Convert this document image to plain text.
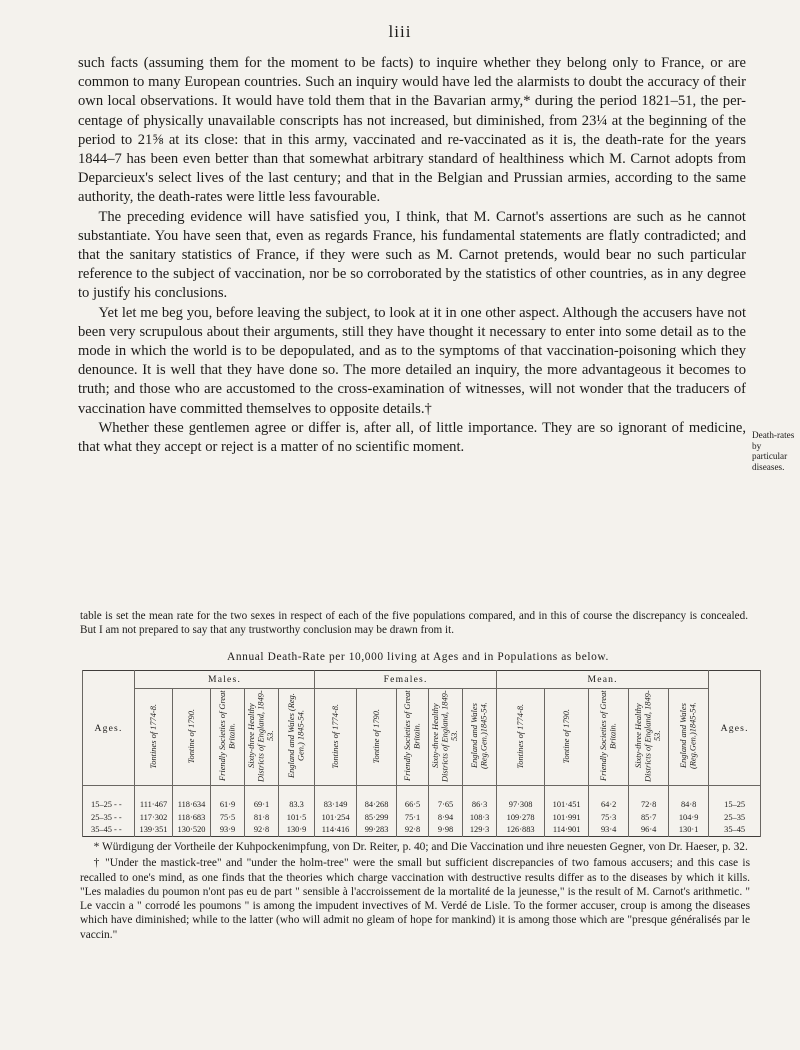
liii

such facts (assuming them for the moment to be facts) to inquire whether they belong only to France, or are common to many European countries. Such an inquiry would have led the alarmists to doubt the accuracy of their own local observations. It would have told them that in the Bavarian army,* during the period 1821–51, the per-centage of physically unavailable conscripts has not increased, but diminished, from 23¼ at the beginning of the period to 21⅝ at its close: that in this army, vaccinated and re-vaccinated as it is, the death-rate for the years 1844–7 has been even better than that somewhat arbitrary standard of healthiness which M. Carnot adopts from Deparcieux's select lives of the last century; and that in the Belgian and Prussian armies, according to the same authority, the death-rates were little less favourable.

The preceding evidence will have satisfied you, I think, that M. Carnot's assertions are such as he cannot substantiate. You have seen that, even as regards France, his fundamental statements are flatly contradicted; and that the sanitary statistics of France, if they were such as M. Carnot pretends, would bear no such particular reference to the subject of vaccination, nor be so corroborated by the statistics of other countries, as in any degree to justify his conclusions.

Yet let me beg you, before leaving the subject, to look at it in one other aspect. Although the accusers have not been very scrupulous about their arguments, still they have thought it necessary to enter into some detail as to the mode in which the world is to be depopulated, and as to the symptoms of that vaccination-poisoning which they denounce. It is well that they have done so. The more detailed an inquiry, the more advantageous it becomes to truth; and those who are accustomed to the cross-examination of witnesses, will not wonder that the traducers of vaccination have committed themselves to opposite details.†

Whether these gentlemen agree or differ is, after all, of little importance. They are so ignorant of medicine, that what they accept or reject is a matter of no scientific moment.

Death-rates by particular diseases.
table is set the mean rate for the two sexes in respect of each of the five populations compared, and in this of course the discrepancy is concealed. But I am not prepared to say that any trustworthy conclusion may be drawn from it.
Annual Death-Rate per 10,000 living at Ages and in Populations as below.
Ages.	Males.					Females.					Mean.					Ages.
	Tontines of 1774-8.	Tontine of 1790.	Friendly Societies of Great Britain.	Sixty-three Healthy Districts of England, 1849-53.	England and Wales (Reg. Gen.) 1845-54.	Tontines of 1774-8.	Tontine of 1790.	Friendly Societies of Great Britain.	Sixty-three Healthy Districts of England, 1849-53.	England and Wales (Reg.Gen.)1845-54.	Tontines of 1774-8.	Tontine of 1790.	Friendly Societies of Great Britain.	Sixty-three Healthy Districts of England, 1849-53.	England and Wales (Reg.Gen.)1845-54.	

15–25 - -	111·467	118·634	61·9	69·1	83.3	83·149	84·268	66·5	7·65	86·3	97·308	101·451	64·2	72·8	84·8	15–25
25–35 - -	117·302	118·683	75·5	81·8	101·5	101·254	85·299	75·1	8·94	108·3	109·278	101·991	75·3	85·7	104·9	25–35
35–45 - -	139·351	130·520	93·9	92·8	130·9	114·416	99·283	92·8	9·98	129·3	126·883	114·901	93·4	96·4	130·1	35–45

* Würdigung der Vortheile der Kuhpockenimpfung, von Dr. Reiter, p. 40; and Die Vaccination und ihre neuesten Gegner, von Dr. Haeser, p. 32.

† "Under the mastick-tree" and "under the holm-tree" were the small but sufficient discrepancies of two famous accusers; and this case is recalled to one's mind, as one finds that the theories which charge vaccination with destructive results differ as to the diseases by which it kills. "Les maladies du poumon n'ont pas eu de part " sensible à l'accroissement de la mortalité de la jeunesse," is the result of M. Carnot's arithmetic. " Le vaccin a " corrodé les poumons " is among the impudent invectives of M. Verdé de Lisle. To the former accuser, croup is among the diseases which have diminished; while to the latter (who will admit no gleam of hope for mankind) it is among those which are "presque généralisés par le vaccin."
